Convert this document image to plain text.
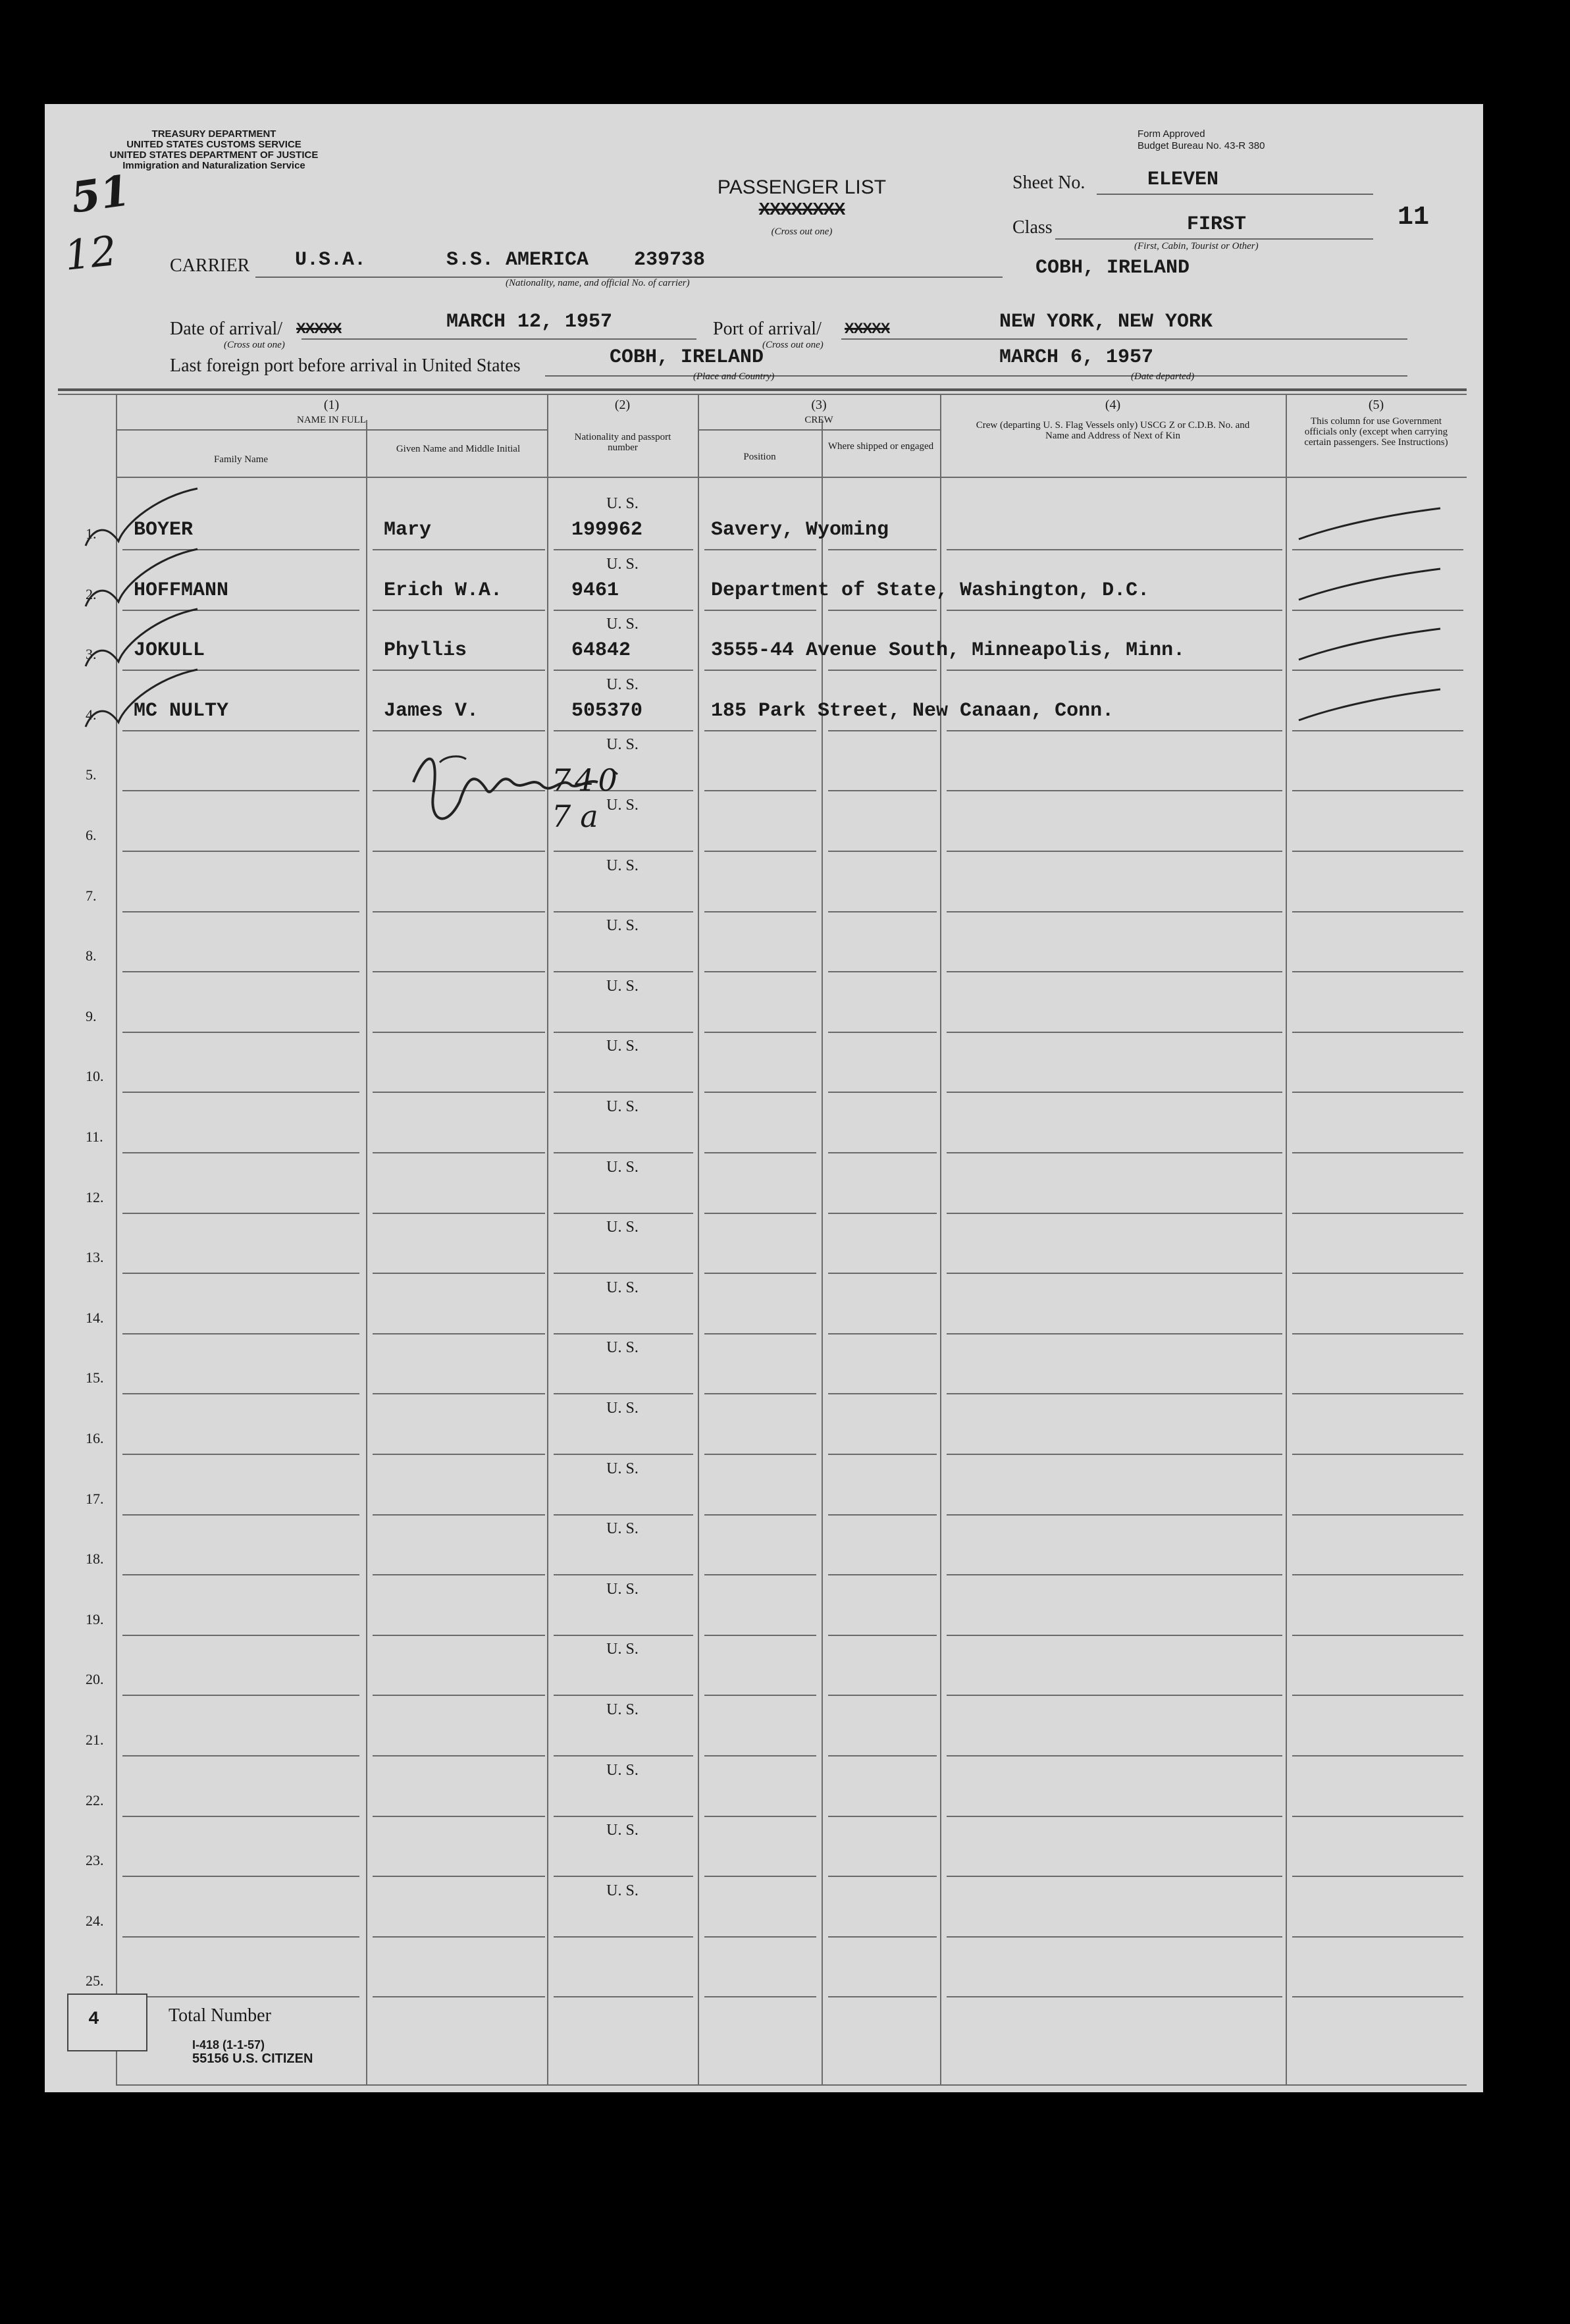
TREASURY DEPARTMENT
UNITED STATES CUSTOMS SERVICE
UNITED STATES DEPARTMENT OF JUSTICE
Immigration and Naturalization Service
Form Approved
Budget Bureau No. 43-R 380
51
12
PASSENGER LIST
XXXXXXXX
(Cross out one)
Sheet No.	ELEVEN
Class	FIRST
(First, Cabin, Tourist or Other)
11
CARRIER U.S.A.	S.S. AMERICA 239738
(Nationality, name, and official No. of carrier)
COBH, IRELAND
Date of arrival/ XXXXX
(Cross out one)
MARCH 12, 1957	Port of arrival/ XXXXX
(Cross out one)
NEW YORK, NEW YORK
Last foreign port before arrival in United States	COBH, IRELAND
(Place and Country)
MARCH 6, 1957
(Date departed)
(1)
NAME IN FULL
Family Name
Given Name and Middle Initial
(2)
Nationality and passport number
(3)
CREW
Position
Where shipped or engaged
(4)
Crew (departing U. S. Flag Vessels only) USCG Z or C.D.B. No. and Name and Address of Next of Kin
(5)
This column for use Government officials only (except when carrying certain passengers. See Instructions)
1.
U. S.
BOYER	Mary	199962	Savery, Wyoming
2.
U. S.
HOFFMANN	Erich W.A.	9461	Department of State, Washington, D.C.
3.
U. S.
JOKULL	Phyllis	64842	3555-44 Avenue South, Minneapolis, Minn.
4.
U. S.
MC NULTY	James V.	505370	185 Park Street, New Canaan, Conn.
5.
U. S.
6.
U. S.
7.
U. S.
8.
U. S.
9.
U. S.
10.
U. S.
11.
U. S.
12.
U. S.
13.
U. S.
14.
U. S.
15.
U. S.
16.
U. S.
17.
U. S.
18.
U. S.
19.
U. S.
20.
U. S.
21.
U. S.
22.
U. S.
23.
U. S.
24.
U. S.
25.
740
7a
4	Total Number
I-418 (1-1-57)
55156 U.S. CITIZEN
